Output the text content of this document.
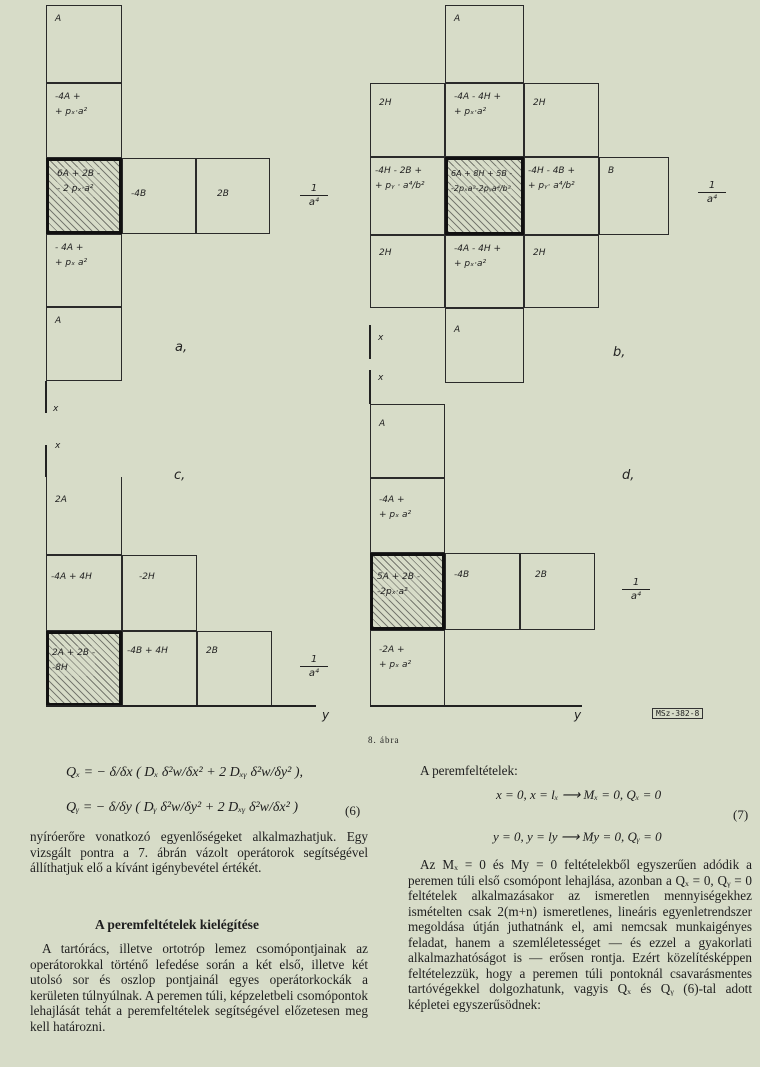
A
-4A +
+ pₓ·a²
6A + 2B -
- 2 pₓ·a²	-4B	2B
- 4A +
+ pₓ a²
A
$\frac{1}{\text{a⁴}}$
a,
x
A
2H
-4A - 4H +
+ pₓ·a²
2H
-4H - 2B +
+ pᵧ · a⁴/b²
6A + 8H + 5B -
-2pₓa²-2pᵧa⁴/b²
-4H - 4B +
+ pᵧ· a⁴/b²
B
2H	-4A - 4H +
+ pₓ·a²
2H
A
$\frac{1}{\text{a⁴}}$
b,
x
x
c,
2A
-4A + 4H	-2H
2A + 2B -
-8H
-4B + 4H	2B
$\frac{1}{\text{a⁴}}$
y
x
d,
A
-4A +
+ pₓ a²
5A + 2B -
-2pₓ·a²
-4B	2B
-2A +
+ pₓ a²
$\frac{1}{\text{a⁴}}$
y	MSz-382-8
8. ábra
Qₓ = − δ/δx ( Dₓ δ²w/δx² + 2 Dₓᵧ δ²w/δy² ),
Qᵧ = − δ/δy ( Dᵧ δ²w/δy² + 2 Dₓᵧ δ²w/δx² )	(6)
nyíróerőre vonatkozó egyenlőségeket alkalmazhatjuk. Egy vizsgált pontra a 7. ábrán vázolt operátorok segítségével állíthatjuk elő a kívánt igénybevétel értékét.
A peremfeltételek kielégítése
A tartórács, illetve ortotróp lemez csomópontjainak az operátorokkal történő lefedése során a két első, illetve két utolsó sor és oszlop pontjainál egyes operátorkockák a kerületen túlnyúlnak. A peremen túli, képzeletbeli csomópontok lehajlását tehát a peremfeltételek segítségével előzetesen meg kell határozni.
A peremfeltételek:
x = 0, x = lₓ ⟶ Mₓ = 0, Qₓ = 0
(7)
y = 0, y = ly ⟶ My = 0, Qᵧ = 0
Az Mₓ = 0 és My = 0 feltételekből egyszerűen adódik a peremen túli első csomópont lehajlása, azonban a Qₓ = 0, Qᵧ = 0 feltételek alkalmazásakor az ismeretlen mennyiségekhez ismételten csak 2(m+n) ismeretlenes, lineáris egyenletrendszer megoldása útján juthatnánk el, ami nemcsak munkaigényes feladat, hanem a szemléletességet — és ezzel a gyakorlati alkalmazhatóságot is — erősen rontja. Ezért közelítésképpen feltételezzük, hogy a peremen túli pontoknál csavarásmentes tartóvégekkel dolgozhatunk, vagyis Qₓ és Qᵧ (6)-tal adott képletei egyszerűsödnek:
